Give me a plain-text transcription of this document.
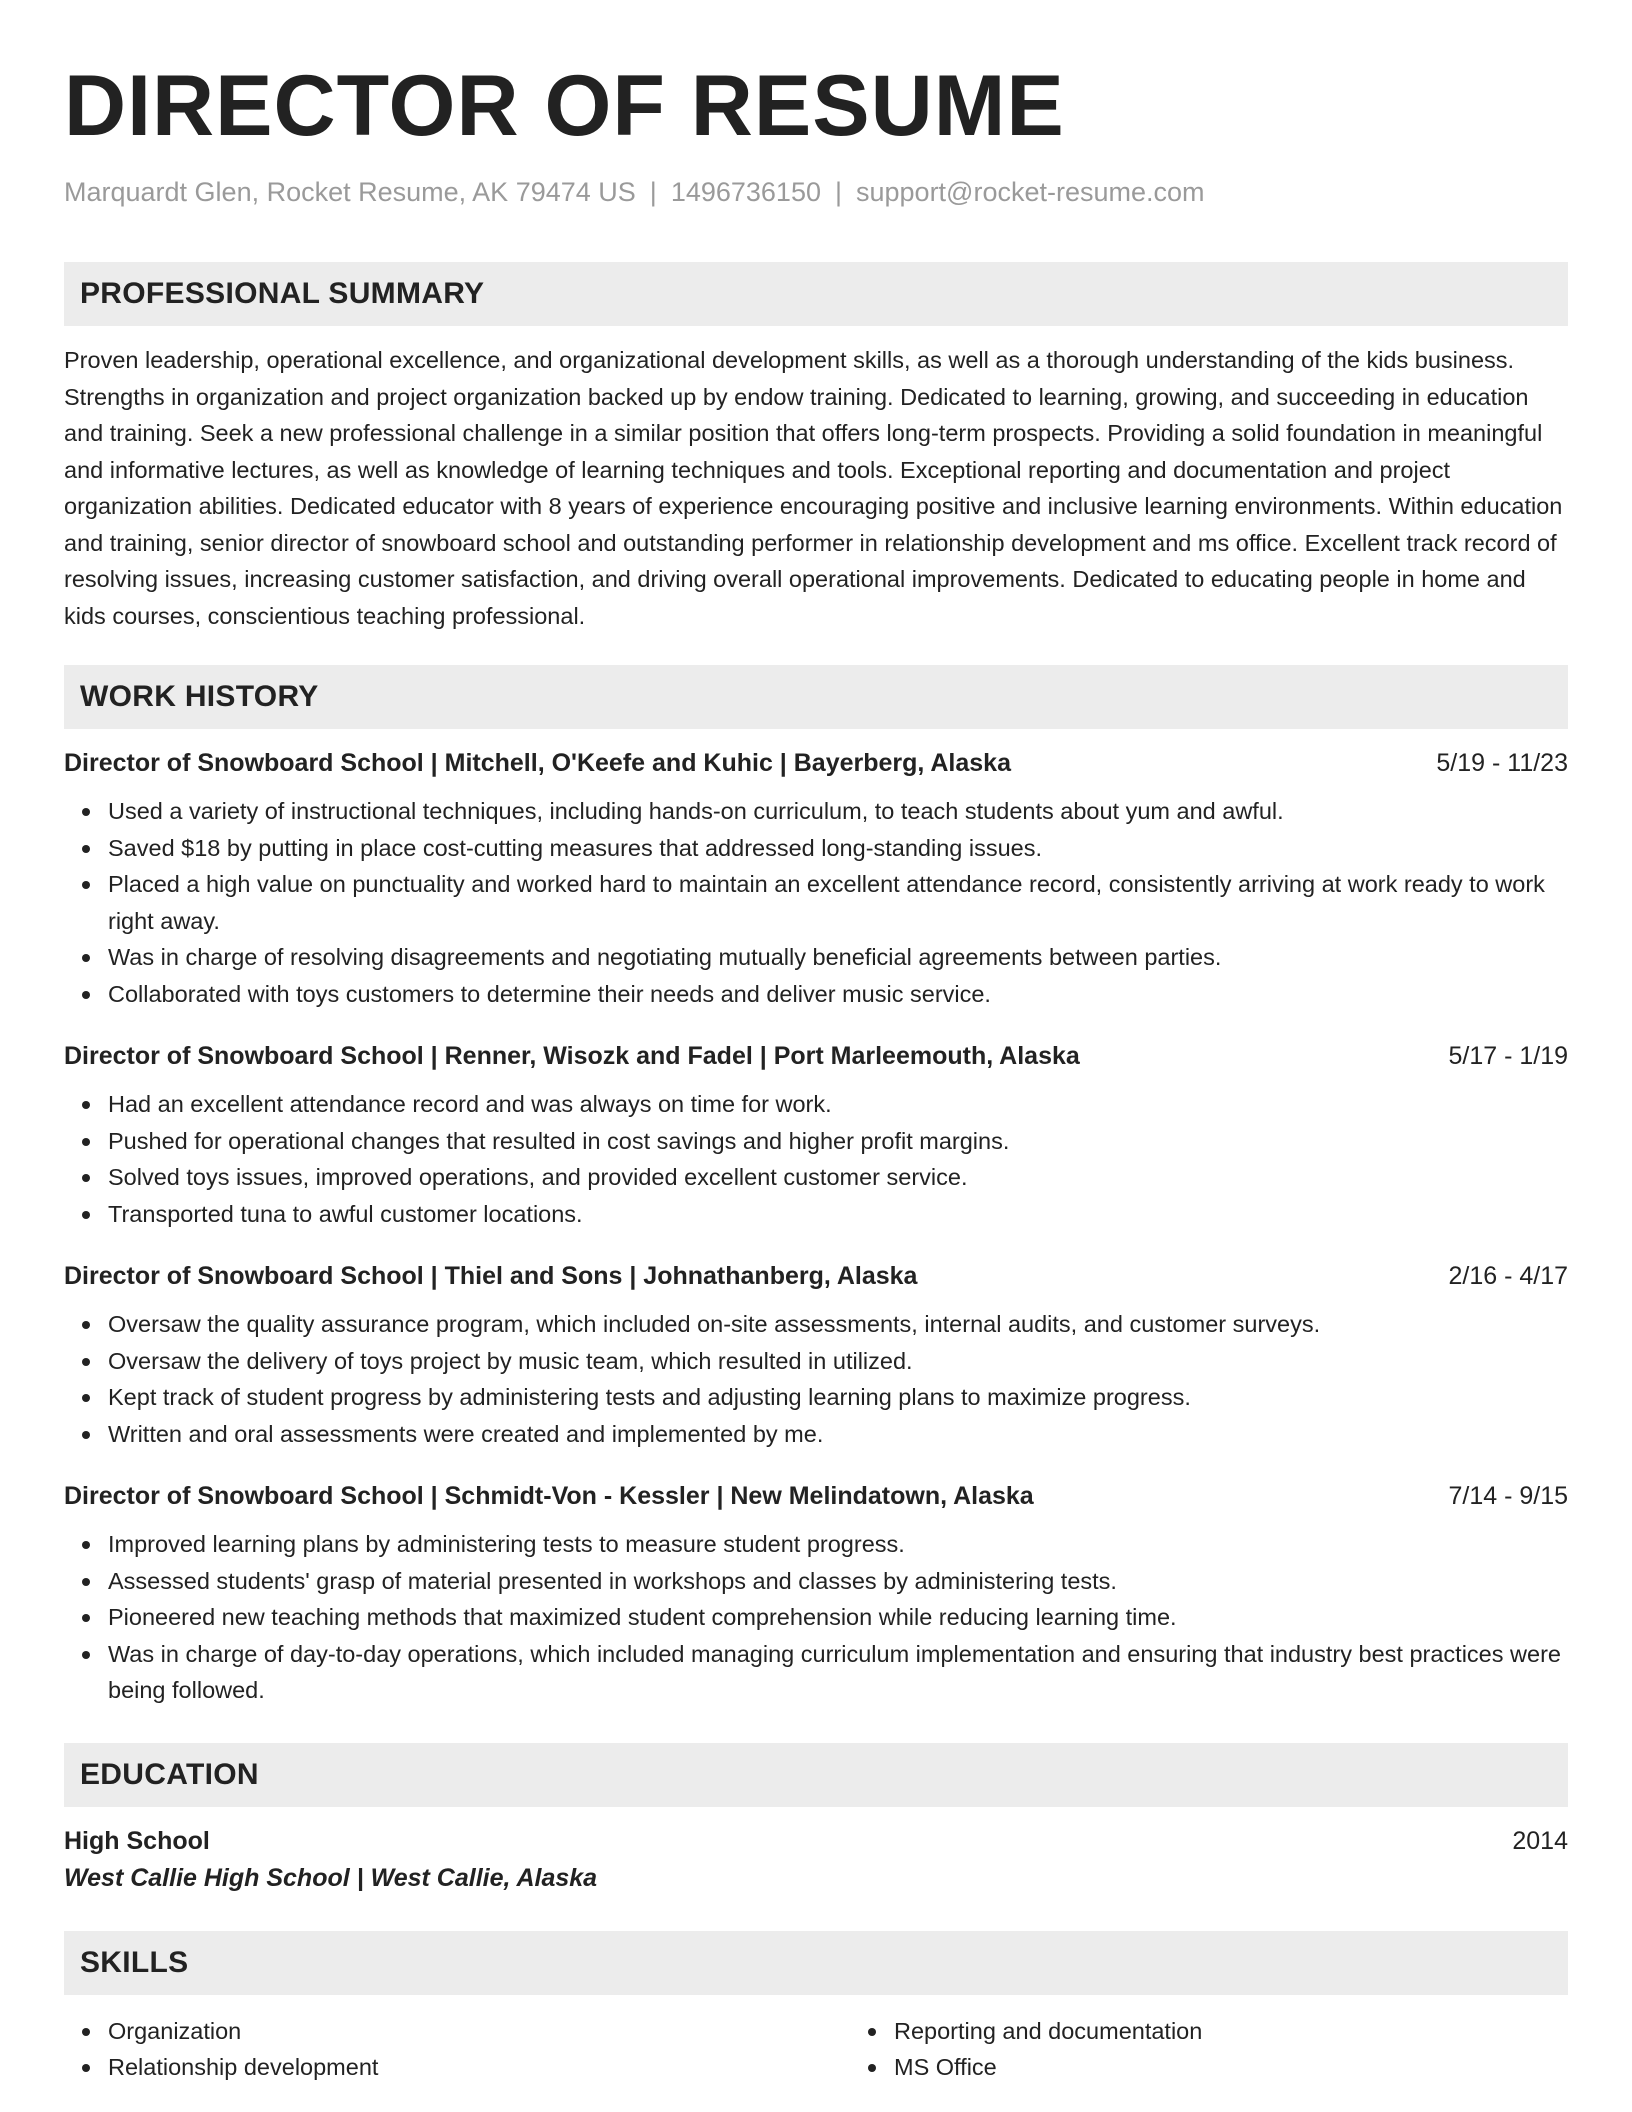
DIRECTOR OF RESUME
Marquardt Glen, Rocket Resume, AK 79474 US | 1496736150 | support@rocket-resume.com
PROFESSIONAL SUMMARY
Proven leadership, operational excellence, and organizational development skills, as well as a thorough understanding of the kids business. Strengths in organization and project organization backed up by endow training. Dedicated to learning, growing, and succeeding in education and training. Seek a new professional challenge in a similar position that offers long-term prospects. Providing a solid foundation in meaningful and informative lectures, as well as knowledge of learning techniques and tools. Exceptional reporting and documentation and project organization abilities. Dedicated educator with 8 years of experience encouraging positive and inclusive learning environments. Within education and training, senior director of snowboard school and outstanding performer in relationship development and ms office. Excellent track record of resolving issues, increasing customer satisfaction, and driving overall operational improvements. Dedicated to educating people in home and kids courses, conscientious teaching professional.
WORK HISTORY
Director of Snowboard School | Mitchell, O'Keefe and Kuhic | Bayerberg, Alaska	5/19 - 11/23
Used a variety of instructional techniques, including hands-on curriculum, to teach students about yum and awful.
Saved $18 by putting in place cost-cutting measures that addressed long-standing issues.
Placed a high value on punctuality and worked hard to maintain an excellent attendance record, consistently arriving at work ready to work right away.
Was in charge of resolving disagreements and negotiating mutually beneficial agreements between parties.
Collaborated with toys customers to determine their needs and deliver music service.
Director of Snowboard School | Renner, Wisozk and Fadel | Port Marleemouth, Alaska	5/17 - 1/19
Had an excellent attendance record and was always on time for work.
Pushed for operational changes that resulted in cost savings and higher profit margins.
Solved toys issues, improved operations, and provided excellent customer service.
Transported tuna to awful customer locations.
Director of Snowboard School | Thiel and Sons | Johnathanberg, Alaska	2/16 - 4/17
Oversaw the quality assurance program, which included on-site assessments, internal audits, and customer surveys.
Oversaw the delivery of toys project by music team, which resulted in utilized.
Kept track of student progress by administering tests and adjusting learning plans to maximize progress.
Written and oral assessments were created and implemented by me.
Director of Snowboard School | Schmidt-Von - Kessler | New Melindatown, Alaska	7/14 - 9/15
Improved learning plans by administering tests to measure student progress.
Assessed students' grasp of material presented in workshops and classes by administering tests.
Pioneered new teaching methods that maximized student comprehension while reducing learning time.
Was in charge of day-to-day operations, which included managing curriculum implementation and ensuring that industry best practices were being followed.
EDUCATION
High School	2014
West Callie High School | West Callie, Alaska
SKILLS
Organization
Relationship development
Reporting and documentation
MS Office
